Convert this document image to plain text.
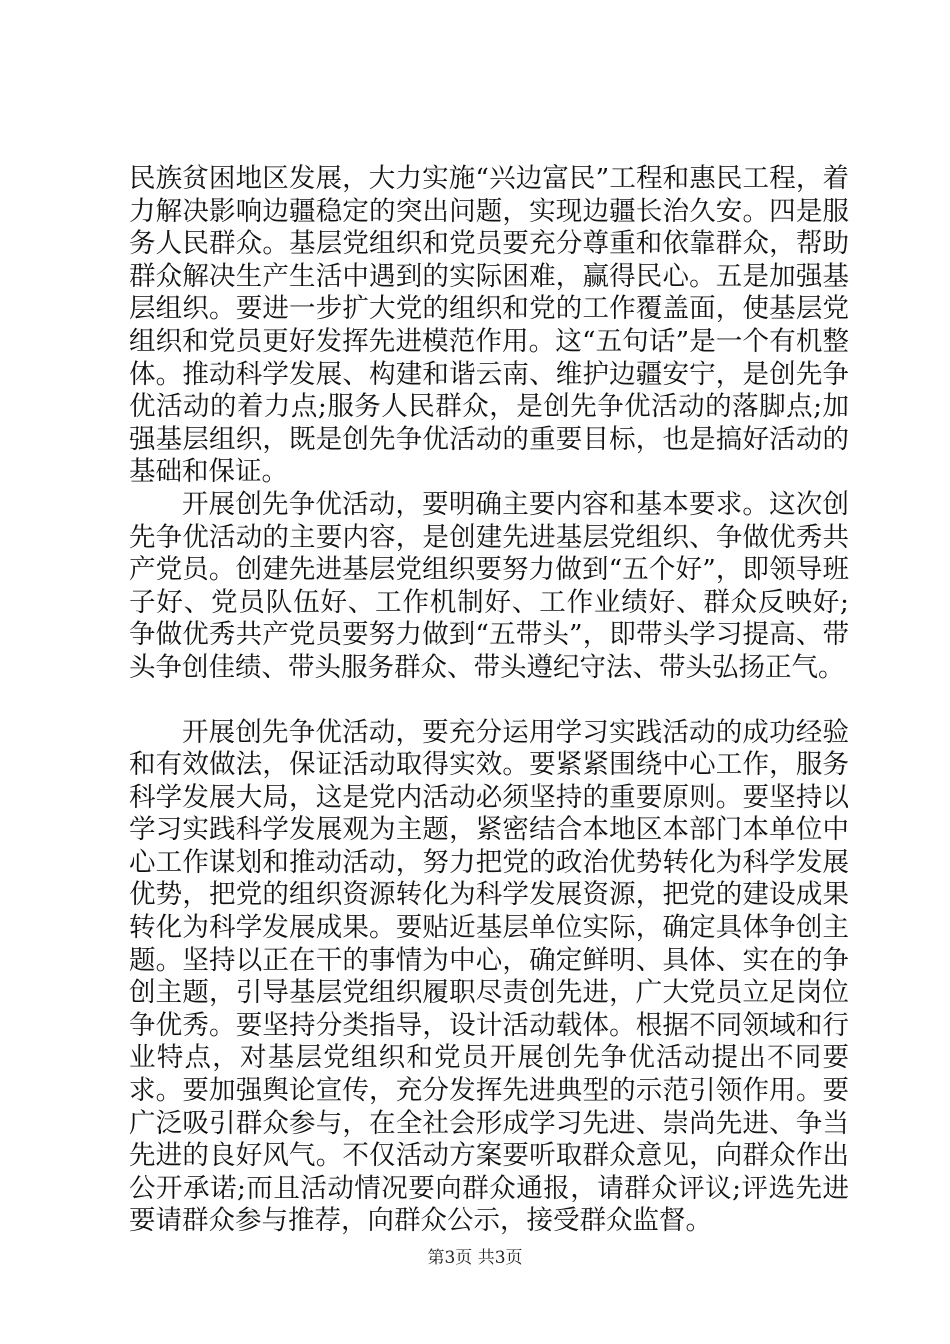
民族贫困地区发展，大力实施“兴边富民”工程和惠民工程，着力解决影响边疆稳定的突出问题，实现边疆长治久安。四是服务人民群众。基层党组织和党员要充分尊重和依靠群众，帮助群众解决生产生活中遇到的实际困难，赢得民心。五是加强基层组织。要进一步扩大党的组织和党的工作覆盖面，使基层党组织和党员更好发挥先进模范作用。这“五句话”是一个有机整体。推动科学发展、构建和谐云南、维护边疆安宁，是创先争优活动的着力点;服务人民群众，是创先争优活动的落脚点;加强基层组织，既是创先争优活动的重要目标，也是搞好活动的基础和保证。

开展创先争优活动，要明确主要内容和基本要求。这次创先争优活动的主要内容，是创建先进基层党组织、争做优秀共产党员。创建先进基层党组织要努力做到“五个好”，即领导班子好、党员队伍好、工作机制好、工作业绩好、群众反映好;争做优秀共产党员要努力做到“五带头”，即带头学习提高、带头争创佳绩、带头服务群众、带头遵纪守法、带头弘扬正气。

开展创先争优活动，要充分运用学习实践活动的成功经验和有效做法，保证活动取得实效。要紧紧围绕中心工作，服务科学发展大局，这是党内活动必须坚持的重要原则。要坚持以学习实践科学发展观为主题，紧密结合本地区本部门本单位中心工作谋划和推动活动，努力把党的政治优势转化为科学发展优势，把党的组织资源转化为科学发展资源，把党的建设成果转化为科学发展成果。要贴近基层单位实际，确定具体争创主题。坚持以正在干的事情为中心，确定鲜明、具体、实在的争创主题，引导基层党组织履职尽责创先进，广大党员立足岗位争优秀。要坚持分类指导，设计活动载体。根据不同领域和行业特点，对基层党组织和党员开展创先争优活动提出不同要求。要加强舆论宣传，充分发挥先进典型的示范引领作用。要广泛吸引群众参与，在全社会形成学习先进、崇尚先进、争当先进的良好风气。不仅活动方案要听取群众意见，向群众作出公开承诺;而且活动情况要向群众通报，请群众评议;评选先进要请群众参与推荐，向群众公示，接受群众监督。

第3页 共3页
